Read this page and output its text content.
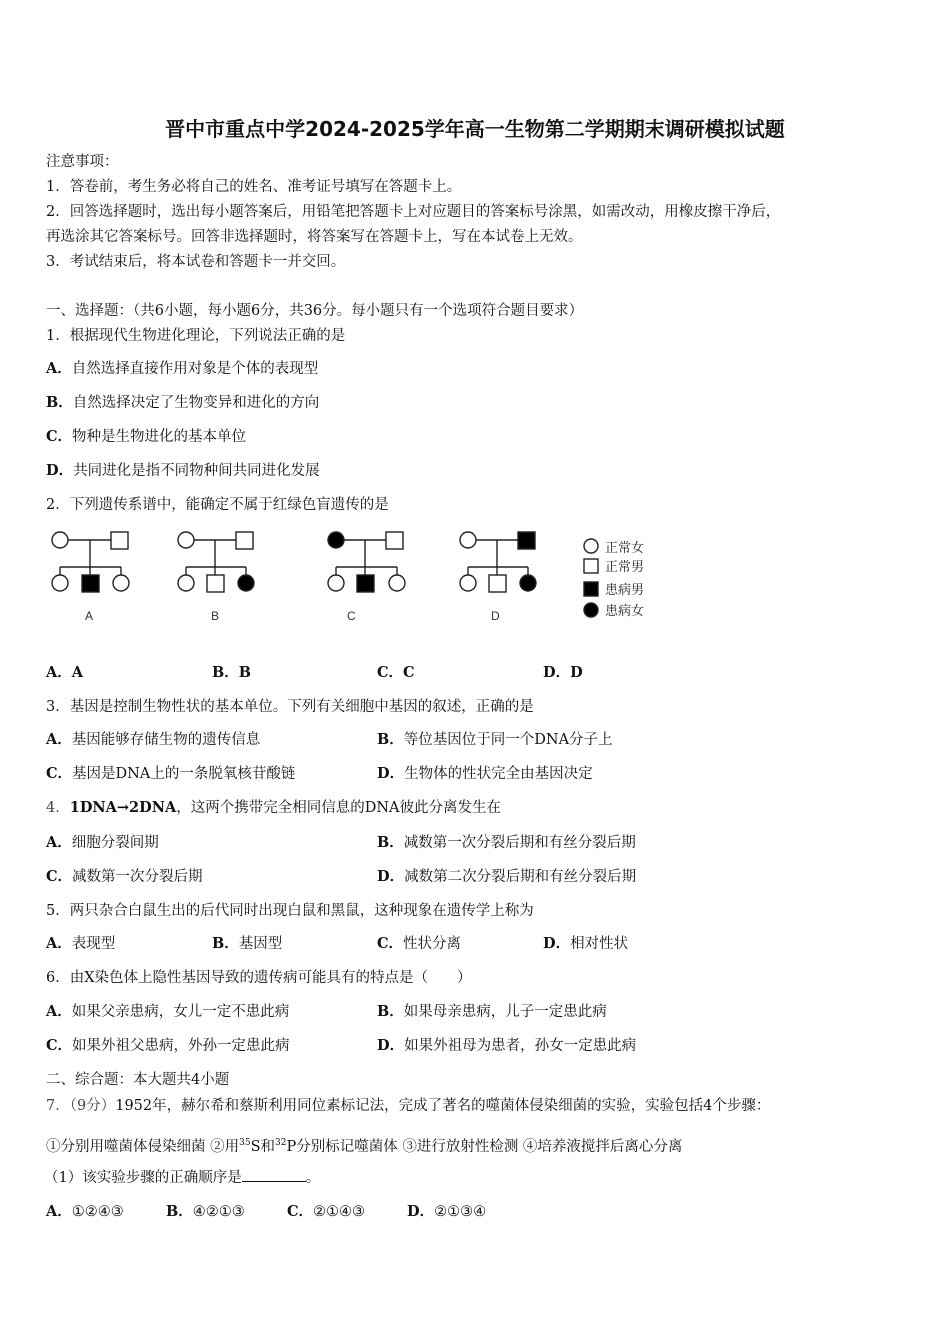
晋中市重点中学2024-2025学年高一生物第二学期期末调研模拟试题
注意事项：
1．答卷前，考生务必将自己的姓名、准考证号填写在答题卡上。
2．回答选择题时，选出每小题答案后，用铅笔把答题卡上对应题目的答案标号涂黑，如需改动，用橡皮擦干净后，
再选涂其它答案标号。回答非选择题时，将答案写在答题卡上，写在本试卷上无效。
3．考试结束后，将本试卷和答题卡一并交回。
一、选择题：（共6小题，每小题6分，共36分。每小题只有一个选项符合题目要求）
1．根据现代生物进化理论，下列说法正确的是
A．自然选择直接作用对象是个体的表现型
B．自然选择决定了生物变异和进化的方向
C．物种是生物进化的基本单位
D．共同进化是指不同物种间共同进化发展
2．下列遗传系谱中，能确定不属于红绿色盲遗传的是
A	B	C	D
正常女
正常男
患病男
患病女
A．A	B．B	C．C	D．D
3．基因是控制生物性状的基本单位。下列有关细胞中基因的叙述，正确的是
A．基因能够存储生物的遗传信息	B．等位基因位于同一个DNA分子上
C．基因是DNA上的一条脱氧核苷酸链	D．生物体的性状完全由基因决定
4．1DNA→2DNA，这两个携带完全相同信息的DNA彼此分离发生在
A．细胞分裂间期	B．减数第一次分裂后期和有丝分裂后期
C．减数第一次分裂后期	D．减数第二次分裂后期和有丝分裂后期
5．两只杂合白鼠生出的后代同时出现白鼠和黑鼠，这种现象在遗传学上称为
A．表现型	B．基因型	C．性状分离	D．相对性状
6．由X染色体上隐性基因导致的遗传病可能具有的特点是（　　）
A．如果父亲患病，女儿一定不患此病	B．如果母亲患病，儿子一定患此病
C．如果外祖父患病，外孙一定患此病	D．如果外祖母为患者，孙女一定患此病
二、综合题：本大题共4小题
7．（9分）1952年，赫尔希和蔡斯利用同位素标记法，完成了著名的噬菌体侵染细菌的实验，实验包括4个步骤：
①分别用噬菌体侵染细菌 ②用$^{35}$S和$^{32}$P分别标记噬菌体 ③进行放射性检测 ④培养液搅拌后离心分离
（1）该实验步骤的正确顺序是	。
A．①②④③	B．④②①③	C．②①④③	D．②①③④
